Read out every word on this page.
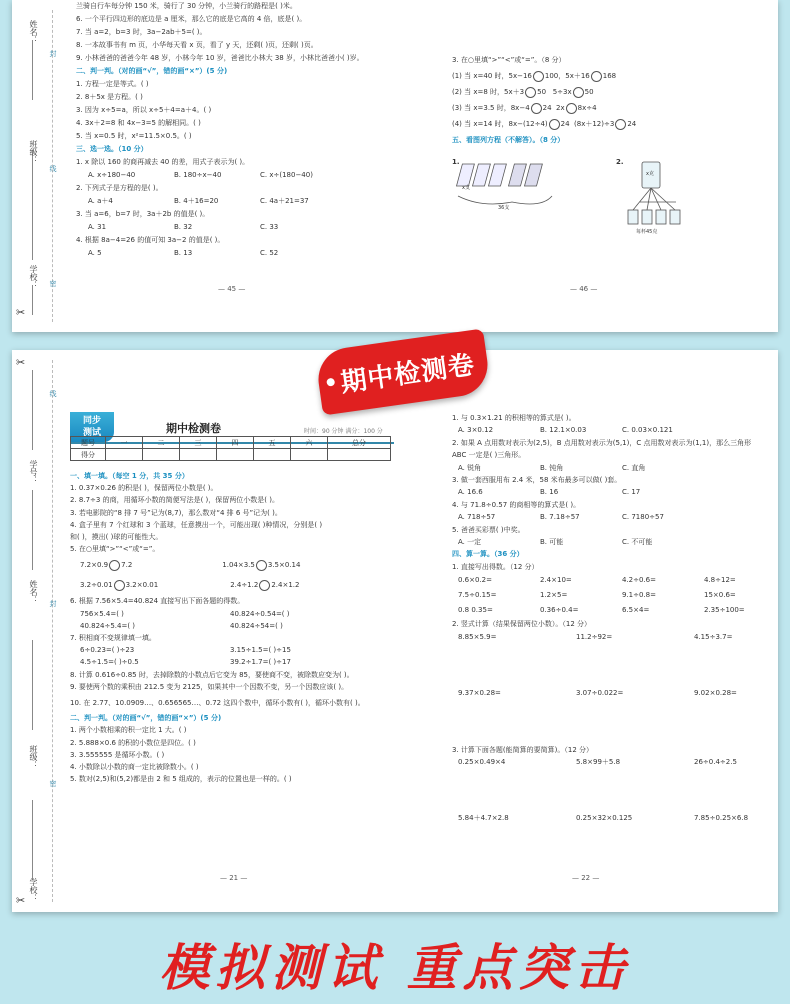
姓名：
班级：
学校：
封
线
密
✂
兰骑自行车每分钟 150 米，骑行了 30 分钟，小兰骑行的路程是( )米。
6. 一个平行四边形的底边是 a 厘米，那么它的底是它高的 4 倍，底是( )。
7. 当 a=2，b=3 时，3a−2ab＋5=( )。
8. 一本故事书有 m 页，小华每天看 x 页，看了 y 天，还剩( )页，还剩( )页。
9. 小林爸爸的爸爸今年 48 岁，小林今年 10 岁，爸爸比小林大 38 岁，小林比爸爸小( )岁。
二、判一判。（对的画“√”，错的画“×”）(5 分)
1. 方程一定是等式。( )
2. 8＋5x 是方程。( )
3. 因为 x÷5=a，所以 x÷5＋4=a＋4。( )
4. 3x＋2=8 和 4x−3=5 的解相同。( )
5. 当 x=0.5 时，x²=11.5×0.5。( )
三、选一选。（10 分）
1. x 除以 160 的商再减去 40 的差，用式子表示为( )。
A. x÷180−40	B. 180÷x−40	C. x÷(180−40)
2. 下列式子是方程的是( )。
A. a＋4	B. 4＋16=20	C. 4a＋21=37
3. 当 a=6，b=7 时，3a＋2b 的值是( )。
A. 31	B. 32	C. 33
4. 根据 8a−4=26 的值可知 3a−2 的值是( )。
A. 5	B. 13	C. 52
— 45 —
3. 在○里填“>”“<”或“=”。（8 分）
(1) 当 x=40 时，5x−16 100，5x＋16 168
(2) 当 x=8 时，5x＋3 50 5÷3x 50
(3) 当 x=3.5 时，8x−4 24 2x 8x÷4
(4) 当 x=14 时，8x−(12÷4) 24 (8x＋12)÷3 24
五、看图列方程（不解答）。（8 分）
1.
x支
36支
2.
x克
每杯45克
— 46 —
学号：
姓名：
班级：
学校：
线
封
密
✂
✂
同步
测试	期中检测卷	时间：90 分钟 满分：100 分
题号	一	二	三	四	五	六	总分
得分							
一、填一填。（每空 1 分，共 35 分）
1. 0.37×0.26 的积是( )，保留两位小数是( )。
2. 8.7÷3 的商，用循环小数的简便写法是( )，保留两位小数是( )。
3. 若电影院的“8 排 7 号”记为(8,7)，那么数对“4 排 6 号”记为( )。
4. 盒子里有 7 个红球和 3 个蓝球，任意摸出一个，可能出现( )种情况，分别是( )
和( )，摸出( )球的可能性大。
5. 在○里填“>”“<”或“=”。
7.2×0.9 7.2	1.04×3.5 3.5×0.14
3.2÷0.01 3.2×0.01	2.4÷1.2 2.4×1.2
6. 根据 7.56×5.4=40.824 直接写出下面各题的得数。
756×5.4=( )	40.824÷0.54=( )
40.824÷5.4=( )	40.824÷54=( )
7. 积相商不变规律填一填。
6÷0.23=( )÷23	3.15÷1.5=( )÷15
4.5÷1.5=( )÷0.5	39.2÷1.7=( )÷17
8. 计算 0.616÷0.85 时，去掉除数的小数点后它变为 85，要使商不变，被除数应变为( )。
9. 要使两个数的乘积由 212.5 变为 2125，如果其中一个因数不变，另一个因数应该( )。
10. 在 2.77、10.0909…、0.656565…、0.72 这四个数中，循环小数有( )，循环小数有( )。
二、判一判。（对的画“√”，错的画“×”）(5 分)
1. 两个小数相乘的积一定比 1 大。( )
2. 5.888×0.6 的积的小数位是四位。( )
3. 3.555555 是循环小数。( )
4. 小数除以小数的商一定比被除数小。( )
5. 数对(2,5)和(5,2)都是由 2 和 5 组成的，表示的位置也是一样的。( )
— 21 —
1. 与 0.3×1.21 的积相等的算式是( )。
A. 3×0.12	B. 12.1×0.03	C. 0.03×0.121
2. 如果 A 点用数对表示为(2,5)，B 点用数对表示为(5,1)，C 点用数对表示为(1,1)，那么三角形 ABC 一定是( )三角形。
A. 锐角	B. 钝角	C. 直角
3. 做一套西服用布 2.4 米，58 米布最多可以做( )套。
A. 16.6	B. 16	C. 17
4. 与 71.8÷0.57 的商相等的算式是( )。
A. 718÷57	B. 7.18÷57	C. 7180÷57
5. 爸爸买彩票( )中奖。
A. 一定	B. 可能	C. 不可能
四、算一算。（36 分）
1. 直接写出得数。（12 分）
0.6×0.2=	2.4×10=	4.2÷0.6=	4.8÷12=
7.5÷0.15=	1.2×5=	9.1÷0.8=	15×0.6=
0.8 0.35=	0.36÷0.4=	6.5×4=	2.35÷100=
2. 竖式计算（结果保留两位小数）。（12 分）
8.85×5.9=	11.2÷92=	4.15÷3.7=
9.37×0.28=	3.07÷0.022=	9.02×0.28=
3. 计算下面各题(能简算的要简算)。（12 分）
0.25×0.49×4	5.8×99＋5.8	26÷0.4÷2.5
5.84＋4.7×2.8	0.25×32×0.125	7.85÷0.25×6.8
— 22 —
期中检测卷
模拟测试 重点突击
